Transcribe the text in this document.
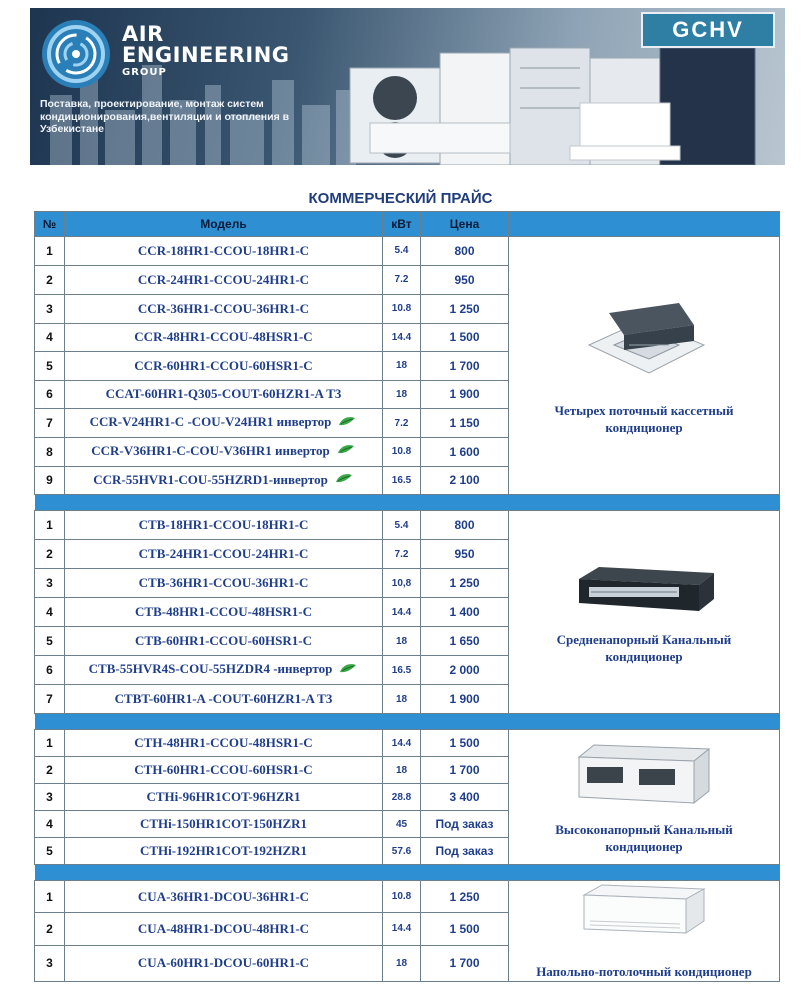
AIR
ENGINEERING
GROUP
Поставка, проектирование, монтаж систем кондиционирования,вентиляции и отопления в Узбекистане
GCHV
КОММЕРЧЕСКИЙ ПРАЙС
№	Модель	кВт	Цена	
1	CCR-18HR1-CCOU-18HR1-C	5.4	800	Четырех поточный кассетный
кондиционер

2	CCR-24HR1-CCOU-24HR1-C	7.2	950	
3	CCR-36HR1-CCOU-36HR1-C	10.8	1 250	
4	CCR-48HR1-CCOU-48HSR1-C	14.4	1 500	
5	CCR-60HR1-CCOU-60HSR1-C	18	1 700	
6	CCAT-60HR1-Q305-COUT-60HZR1-A T3	18	1 900	
7	CCR-V24HR1-C -COU-V24HR1 инвертор	7.2	1 150	
8	CCR-V36HR1-C-COU-V36HR1 инвертор	10.8	1 600	
9	CCR-55HVR1-COU-55HZRD1-инвертор	16.5	2 100	

1	CTB-18HR1-CCOU-18HR1-C	5.4	800	Средненапорный Канальный
кондиционер

2	CTB-24HR1-CCOU-24HR1-C	7.2	950	
3	CTB-36HR1-CCOU-36HR1-C	10,8	1 250	
4	CTB-48HR1-CCOU-48HSR1-C	14.4	1 400	
5	CTB-60HR1-CCOU-60HSR1-C	18	1 650	
6	CTB-55HVR4S-COU-55HZDR4 -инвертор	16.5	2 000	
7	CTBT-60HR1-A -COUT-60HZR1-A T3	18	1 900	

1	CTH-48HR1-CCOU-48HSR1-C	14.4	1 500	Высоконапорный Канальный
кондиционер

2	CTH-60HR1-CCOU-60HSR1-C	18	1 700	
3	CTHi-96HR1COT-96HZR1	28.8	3 400	
4	CTHi-150HR1COT-150HZR1	45	Под заказ	
5	CTHi-192HR1COT-192HZR1	57.6	Под заказ	

1	CUA-36HR1-DCOU-36HR1-C	10.8	1 250	Напольно-потолочный кондиционер

2	CUA-48HR1-DCOU-48HR1-C	14.4	1 500	
3	CUA-60HR1-DCOU-60HR1-C	18	1 700	
